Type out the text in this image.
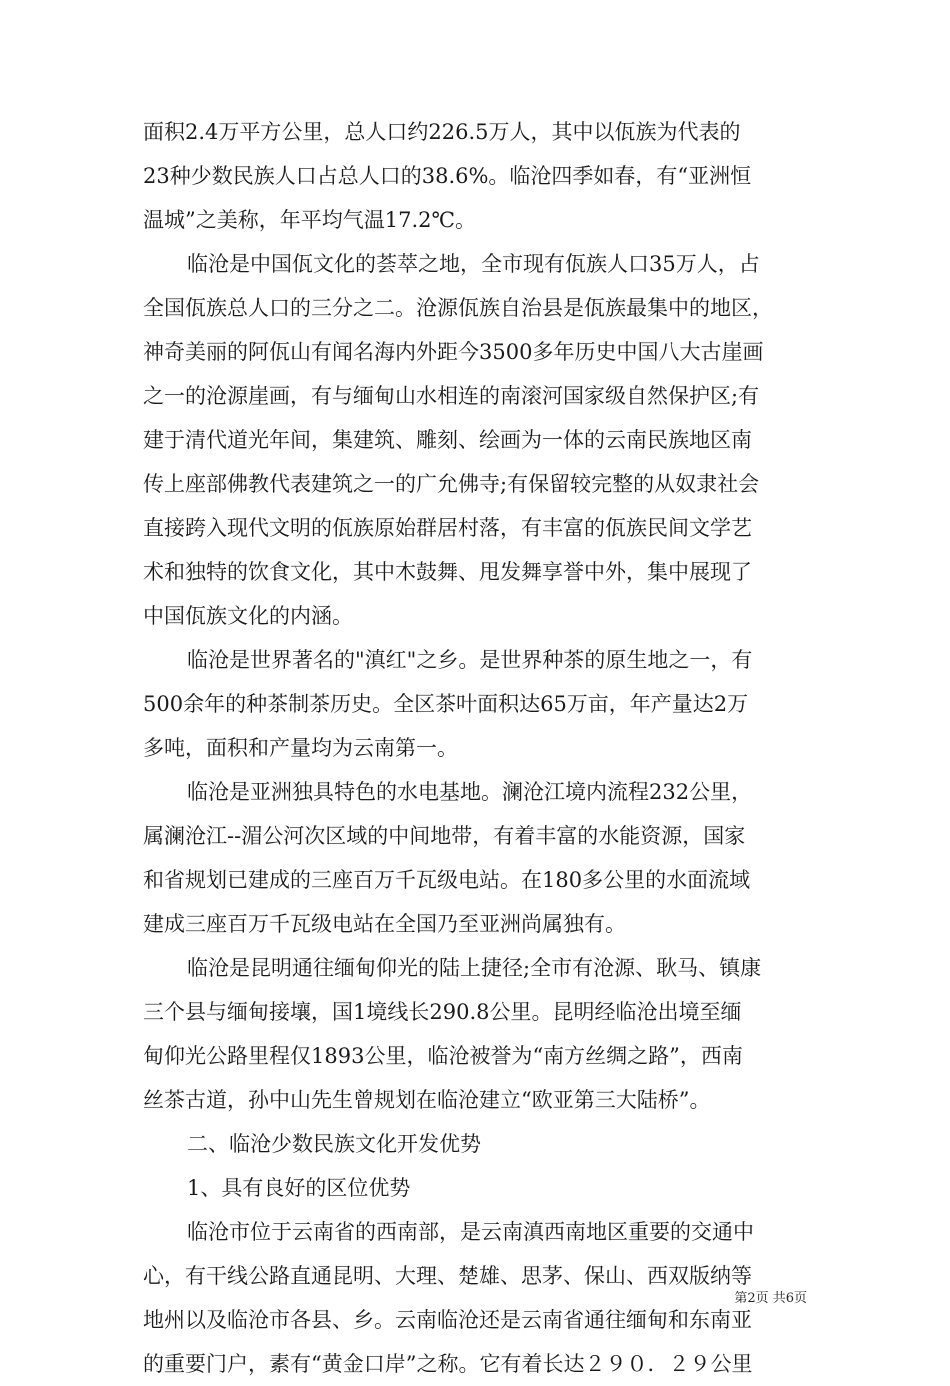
面积2.4万平方公里，总人口约226.5万人，其中以佤族为代表的
23种少数民族人口占总人口的38.6%。临沧四季如春，有“亚洲恒
温城”之美称，年平均气温17.2℃。
临沧是中国佤文化的荟萃之地，全市现有佤族人口35万人，占
全国佤族总人口的三分之二。沧源佤族自治县是佤族最集中的地区，
神奇美丽的阿佤山有闻名海内外距今3500多年历史中国八大古崖画
之一的沧源崖画，有与缅甸山水相连的南滚河国家级自然保护区;有
建于清代道光年间，集建筑、雕刻、绘画为一体的云南民族地区南
传上座部佛教代表建筑之一的广允佛寺;有保留较完整的从奴隶社会
直接跨入现代文明的佤族原始群居村落，有丰富的佤族民间文学艺
术和独特的饮食文化，其中木鼓舞、甩发舞享誉中外，集中展现了
中国佤族文化的内涵。
临沧是世界著名的"滇红"之乡。是世界种茶的原生地之一，有
500余年的种茶制茶历史。全区茶叶面积达65万亩，年产量达2万
多吨，面积和产量均为云南第一。
临沧是亚洲独具特色的水电基地。澜沧江境内流程232公里，
属澜沧江--湄公河次区域的中间地带，有着丰富的水能资源，国家
和省规划已建成的三座百万千瓦级电站。在180多公里的水面流域
建成三座百万千瓦级电站在全国乃至亚洲尚属独有。
临沧是昆明通往缅甸仰光的陆上捷径;全市有沧源、耿马、镇康
三个县与缅甸接壤，国1境线长290.8公里。昆明经临沧出境至缅
甸仰光公路里程仅1893公里，临沧被誉为“南方丝绸之路”，西南
丝茶古道，孙中山先生曾规划在临沧建立“欧亚第三大陆桥”。
二、临沧少数民族文化开发优势
1、具有良好的区位优势
临沧市位于云南省的西南部，是云南滇西南地区重要的交通中
心，有干线公路直通昆明、大理、楚雄、思茅、保山、西双版纳等
地州以及临沧市各县、乡。云南临沧还是云南省通往缅甸和东南亚
的重要门户，素有“黄金口岸”之称。它有着长达２９０．２９公里
第2页 共6页
